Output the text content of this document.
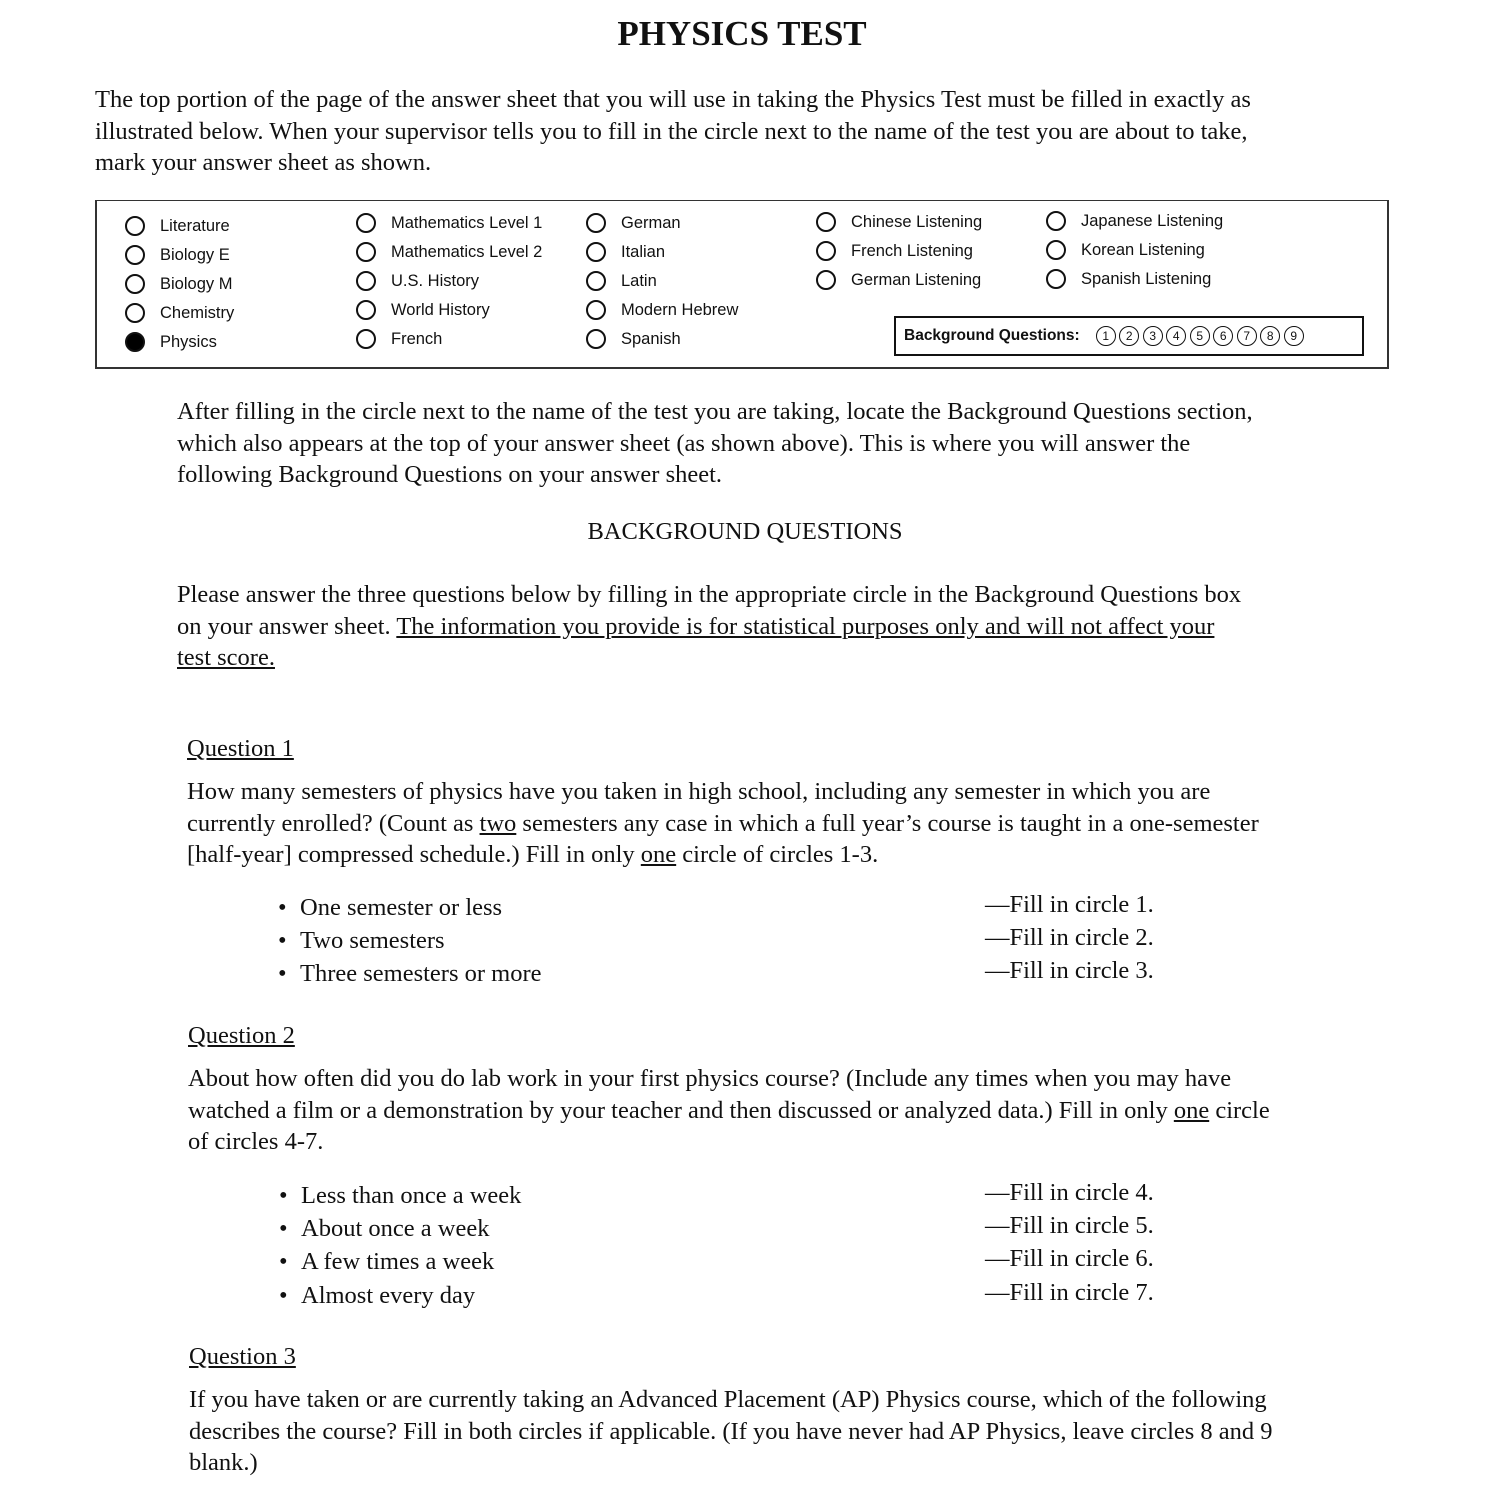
PHYSICS TEST
The top portion of the page of the answer sheet that you will use in taking the Physics Test must be filled in exactly as
illustrated below. When your supervisor tells you to fill in the circle next to the name of the test you are about to take,
mark your answer sheet as shown.
Background Questions:	1	2	3	4	5	6	7	8	9
Literature
Biology E
Biology M
Chemistry
Physics
Mathematics Level 1
Mathematics Level 2
U.S. History
World History
French
German
Italian
Latin
Modern Hebrew
Spanish
Chinese Listening
French Listening
German Listening
Japanese Listening
Korean Listening
Spanish Listening
After filling in the circle next to the name of the test you are taking, locate the Background Questions section,
which also appears at the top of your answer sheet (as shown above). This is where you will answer the
following Background Questions on your answer sheet.
BACKGROUND QUESTIONS
Please answer the three questions below by filling in the appropriate circle in the Background Questions box
on your answer sheet. The information you provide is for statistical purposes only and will not affect your
test score.
Question 1
How many semesters of physics have you taken in high school, including any semester in which you are
currently enrolled? (Count as two semesters any case in which a full year’s course is taught in a one-semester
[half-year] compressed schedule.) Fill in only one circle of circles 1-3.
• One semester or less	—Fill in circle 1.
• Two semesters	—Fill in circle 2.
• Three semesters or more	—Fill in circle 3.
Question 2
About how often did you do lab work in your first physics course? (Include any times when you may have
watched a film or a demonstration by your teacher and then discussed or analyzed data.) Fill in only one circle
of circles 4-7.
• Less than once a week	—Fill in circle 4.
• About once a week	—Fill in circle 5.
• A few times a week	—Fill in circle 6.
• Almost every day	—Fill in circle 7.
Question 3
If you have taken or are currently taking an Advanced Placement (AP) Physics course, which of the following
describes the course? Fill in both circles if applicable. (If you have never had AP Physics, leave circles 8 and 9
blank.)
